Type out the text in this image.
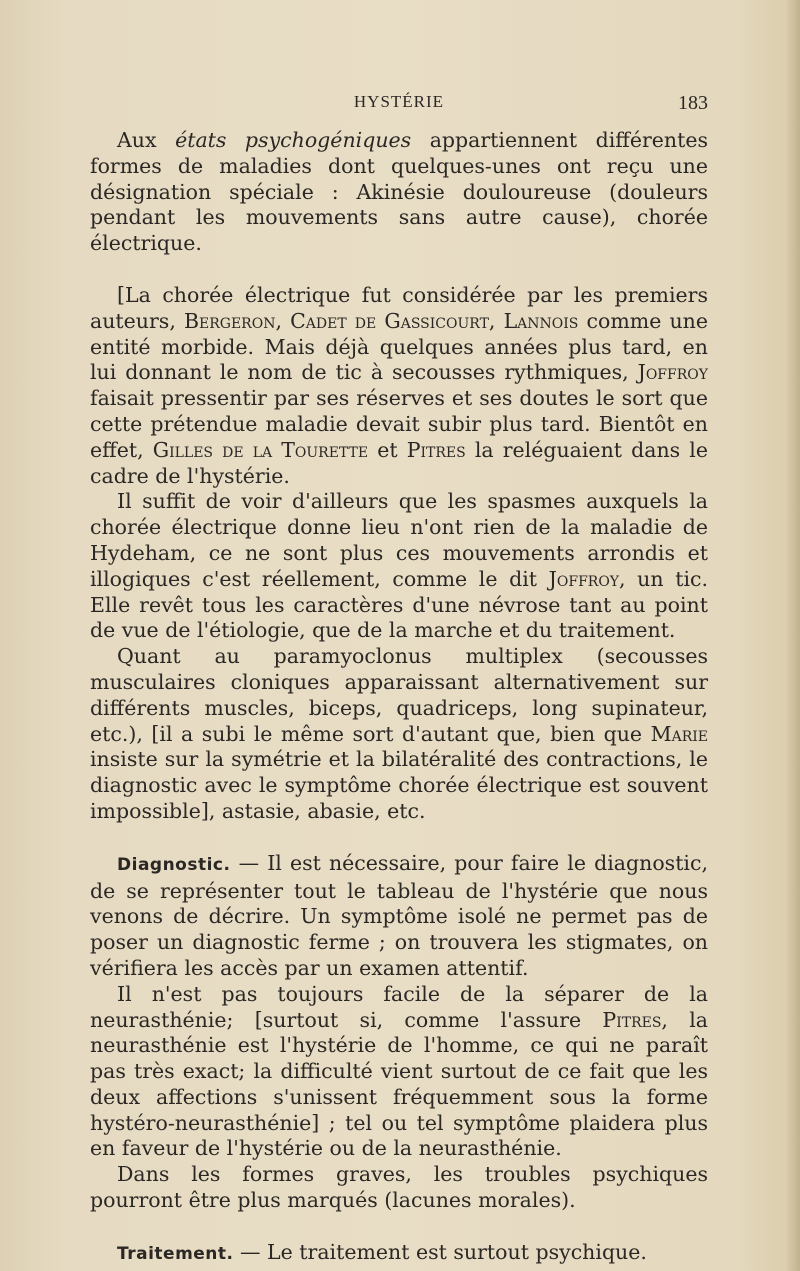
HYSTÉRIE	183

Aux états psychogéniques appartiennent différentes formes de maladies dont quelques-unes ont reçu une désignation spéciale : Akinésie douloureuse (douleurs pendant les mouvements sans autre cause), chorée électrique.

[La chorée électrique fut considérée par les premiers auteurs, Bergeron, Cadet de Gassicourt, Lannois comme une entité morbide. Mais déjà quelques années plus tard, en lui donnant le nom de tic à secousses rythmiques, Joffroy faisait pressentir par ses réserves et ses doutes le sort que cette prétendue maladie devait subir plus tard. Bientôt en effet, Gilles de la Tourette et Pitres la reléguaient dans le cadre de l'hystérie.

Il suffit de voir d'ailleurs que les spasmes auxquels la chorée électrique donne lieu n'ont rien de la maladie de Hydeham, ce ne sont plus ces mouvements arrondis et illogiques c'est réellement, comme le dit Joffroy, un tic. Elle revêt tous les caractères d'une névrose tant au point de vue de l'étiologie, que de la marche et du traitement.

Quant au paramyoclonus multiplex (secousses musculaires cloniques apparaissant alternativement sur différents muscles, biceps, quadriceps, long supinateur, etc.), [il a subi le même sort d'autant que, bien que Marie insiste sur la symétrie et la bilatéralité des contractions, le diagnostic avec le symptôme chorée électrique est souvent impossible], astasie, abasie, etc.

Diagnostic. — Il est nécessaire, pour faire le diagnostic, de se représenter tout le tableau de l'hystérie que nous venons de décrire. Un symptôme isolé ne permet pas de poser un diagnostic ferme ; on trouvera les stigmates, on vérifiera les accès par un examen attentif.

Il n'est pas toujours facile de la séparer de la neurasthénie; [surtout si, comme l'assure Pitres, la neurasthénie est l'hystérie de l'homme, ce qui ne paraît pas très exact; la difficulté vient surtout de ce fait que les deux affections s'unissent fréquemment sous la forme hystéro-neurasthénie] ; tel ou tel symptôme plaidera plus en faveur de l'hystérie ou de la neurasthénie.

Dans les formes graves, les troubles psychiques pourront être plus marqués (lacunes morales).

Traitement. — Le traitement est surtout psychique.
